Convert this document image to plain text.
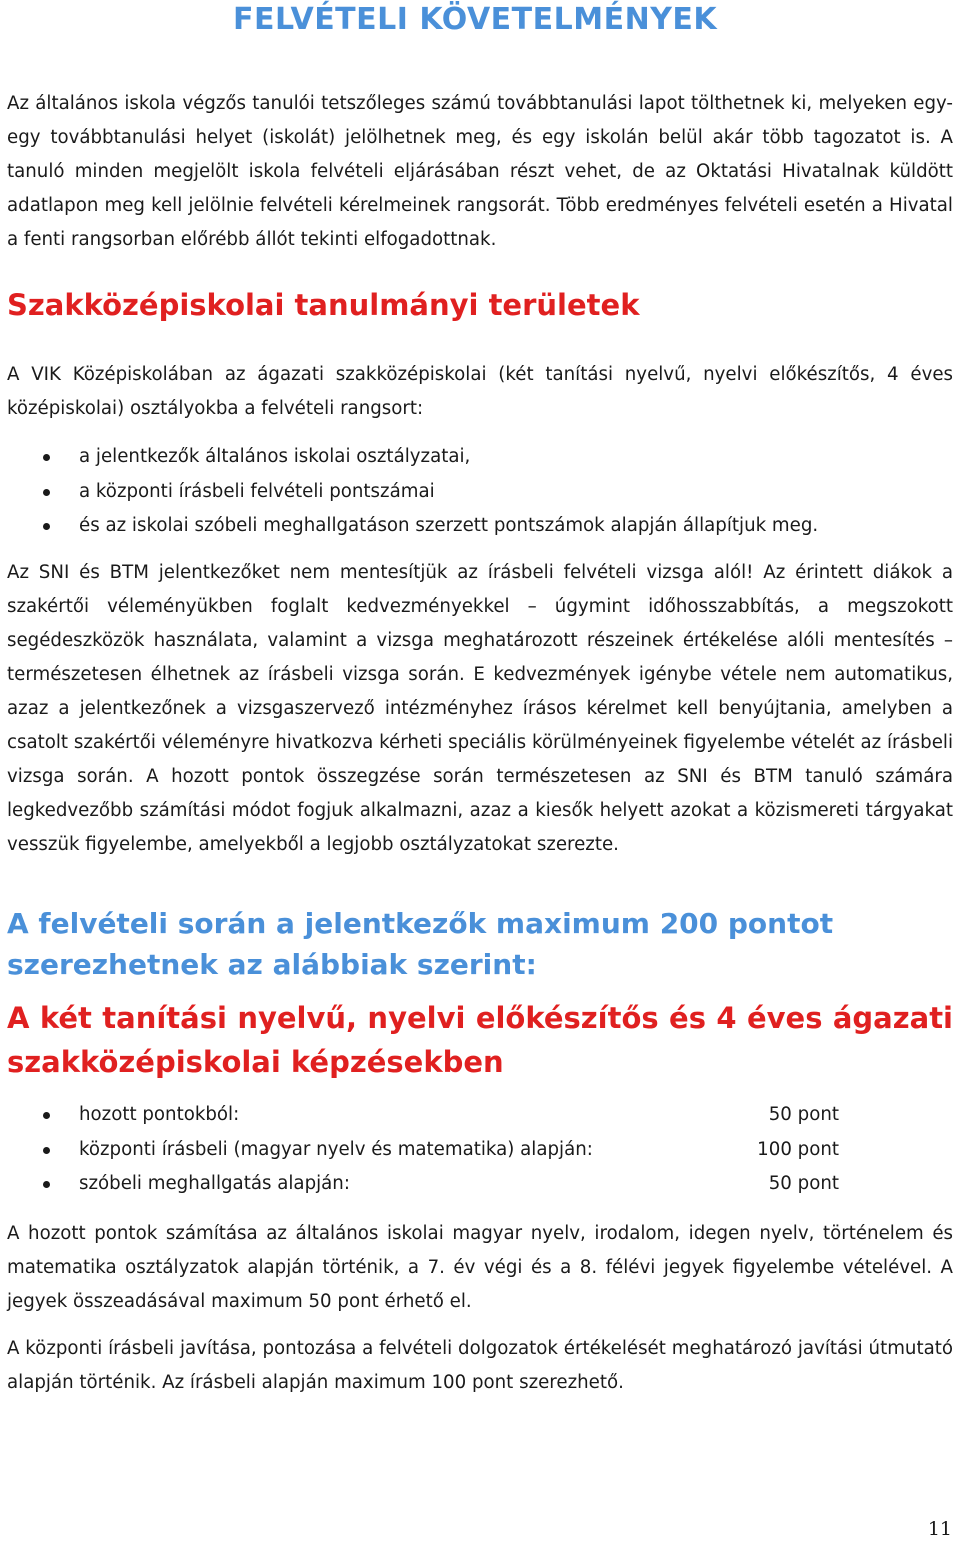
FELVÉTELI KÖVETELMÉNYEK

Az általános iskola végzős tanulói tetszőleges számú továbbtanulási lapot tölthetnek ki, melyeken egy-egy továbbtanulási helyet (iskolát) jelölhetnek meg, és egy iskolán belül akár több tagozatot is. A tanuló minden megjelölt iskola felvételi eljárásában részt vehet, de az Oktatási Hivatalnak küldött adatlapon meg kell jelölnie felvételi kérelmeinek rangsorát. Több eredményes felvételi esetén a Hivatal a fenti rangsorban előrébb állót tekinti elfogadottnak.

Szakközépiskolai tanulmányi területek

A VIK Középiskolában az ágazati szakközépiskolai (két tanítási nyelvű, nyelvi előkészítős, 4 éves középiskolai) osztályokba a felvételi rangsort:

a jelentkezők általános iskolai osztályzatai,
a központi írásbeli felvételi pontszámai
és az iskolai szóbeli meghallgatáson szerzett pontszámok alapján állapítjuk meg.

Az SNI és BTM jelentkezőket nem mentesítjük az írásbeli felvételi vizsga alól! Az érintett diákok a szakértői véleményükben foglalt kedvezményekkel – úgymint időhosszabbítás, a megszokott segédeszközök használata, valamint a vizsga meghatározott részeinek értékelése alóli mentesítés – természetesen élhetnek az írásbeli vizsga során. E kedvezmények igénybe vétele nem automatikus, azaz a jelentkezőnek a vizsgaszervező intézményhez írásos kérelmet kell benyújtania, amelyben a csatolt szakértői véleményre hivatkozva kérheti speciális körülményeinek figyelembe vételét az írásbeli vizsga során. A hozott pontok összegzése során természetesen az SNI és BTM tanuló számára legkedvezőbb számítási módot fogjuk alkalmazni, azaz a kiesők helyett azokat a közismereti tárgyakat vesszük figyelembe, amelyekből a legjobb osztályzatokat szerezte.

A felvételi során a jelentkezők maximum 200 pontot szerezhetnek az alábbiak szerint:
A két tanítási nyelvű, nyelvi előkészítős és 4 éves ágazati szakközépiskolai képzésekben
hozott pontokból:	50 pont
központi írásbeli (magyar nyelv és matematika) alapján:	100 pont
szóbeli meghallgatás alapján:	50 pont

A hozott pontok számítása az általános iskolai magyar nyelv, irodalom, idegen nyelv, történelem és matematika osztályzatok alapján történik, a 7. év végi és a 8. félévi jegyek figyelembe vételével. A jegyek összeadásával maximum 50 pont érhető el.

A központi írásbeli javítása, pontozása a felvételi dolgozatok értékelését meghatározó javítási útmutató alapján történik. Az írásbeli alapján maximum 100 pont szerezhető.

11
